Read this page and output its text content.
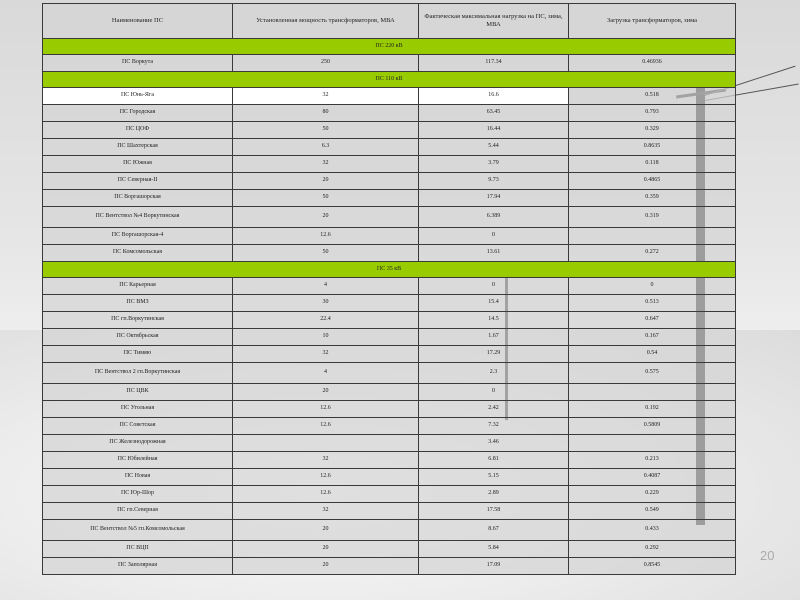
Наименование ПС	Установленная мощность трансформаторов, МВА	Фактическая максимальная нагрузка на ПС, зима, МВА	Загрузка трансформаторов, зима
ПС 220 кВ			
ПС Воркута	250	117.34	0.46936
ПС 110 кВ			
ПС Юнь-Яга	32	16.6	0.518
ПС Городская	80	63.45	0.793
ПС ЦОФ	50	16.44	0.329
ПС Шахтерская	6.3	5.44	0.8635
ПС Южная	32	3.79	0.118
ПС Северная-II	20	9.73	0.4865
ПС Воргашорская	50	17.94	0.359
ПС Вентствол №4 Воркутинская	20	6.389	0.319
ПС Воргашорская-4	12.6	0	
ПС Комсомольская	50	13.61	0.272
ПС 35 кВ			
ПС Карьерная	4	0	0
ПС ВМЗ	30	15.4	0.513
ПС гп.Воркутинская	22.4	14.5	0.647
ПС Октябрьская	10	1.67	0.167
ПС Тимяю	32	17.29	0.54
ПС Вентствол 2 гп.Воркутинская	4	2.3	0.575
ПС ЦВК	20	0	
ПС Угольная	12.6	2.42	0.192
ПС Советская	12.6	7.32	0.5809
ПС Железнодорожная		3.46	
ПС Юбилейная	32	6.81	0.213
ПС Новая	12.6	5.15	0.4087
ПС Юр-Шор	12.6	2.89	0.229
ПС гп.Северная	32	17.58	0.549
ПС Вентствол №5 гп.Комсомольская	20	8.67	0.433
ПС ВЦП	20	5.84	0.292
ПС Заполярная	20	17.09	0.8545
20
